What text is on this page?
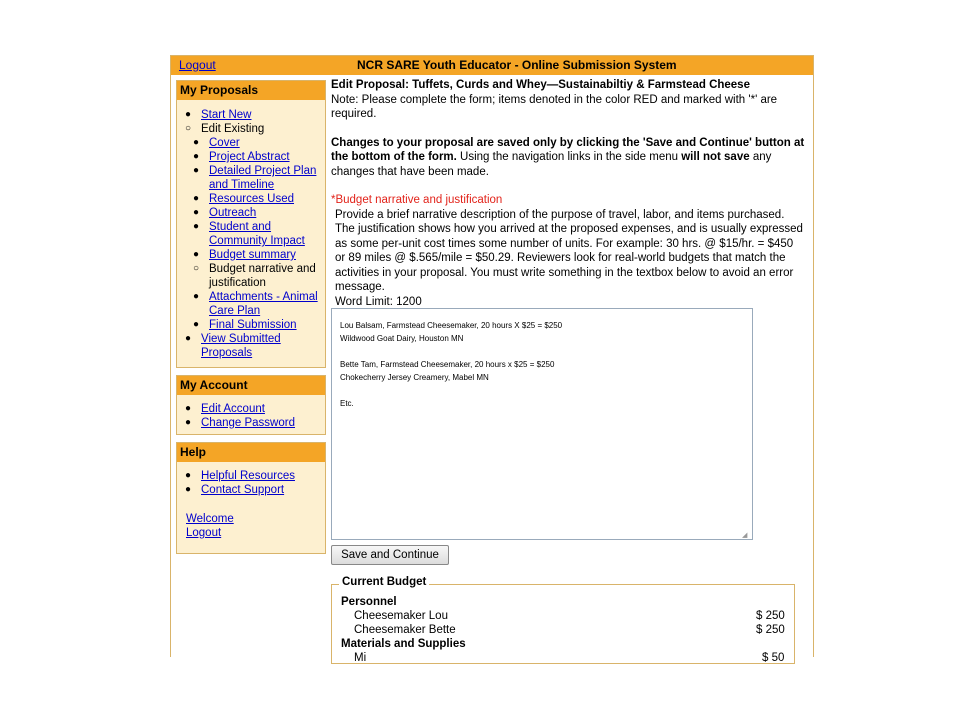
Logout	NCR SARE Youth Educator - Online Submission System
My Proposals
● Start New
○ Edit Existing
● Cover
● Project Abstract
● Detailed Project Plan
and Timeline
● Resources Used
● Outreach
● Student and
Community Impact
● Budget summary
○ Budget narrative and
justification
● Attachments - Animal
Care Plan
● Final Submission
● View Submitted
Proposals
My Account
● Edit Account
● Change Password
Help
● Helpful Resources
● Contact Support
Welcome
Logout

Edit Proposal: Tuffets, Curds and Whey—Sustainabiltiy & Farmstead Cheese

Note: Please complete the form; items denoted in the color RED and marked with '*' are required.

Changes to your proposal are saved only by clicking the 'Save and Continue' button at the bottom of the form. Using the navigation links in the side menu will not save any changes that have been made.

*Budget narrative and justification

Provide a brief narrative description of the purpose of travel, labor, and items purchased. The justification shows how you arrived at the proposed expenses, and is usually expressed as some per-unit cost times some number of units. For example: 30 hrs. @ $15/hr. = $450 or 89 miles @ $.565/mile = $50.29. Reviewers look for real-world budgets that match the activities in your proposal. You must write something in the textbox below to avoid an error message.

Word Limit: 1200

Lou Balsam, Farmstead Cheesemaker, 20 hours X $25 = $250
Wildwood Goat Dairy, Houston MN
Bette Tam, Farmstead Cheesemaker, 20 hours x $25 = $250
Chokecherry Jersey Creamery, Mabel MN
Etc.
◢
Save and Continue
Current Budget
Personnel
Cheesemaker Lou	$ 250
Cheesemaker Bette	$ 250
Materials and Supplies
Mi	$ 50
